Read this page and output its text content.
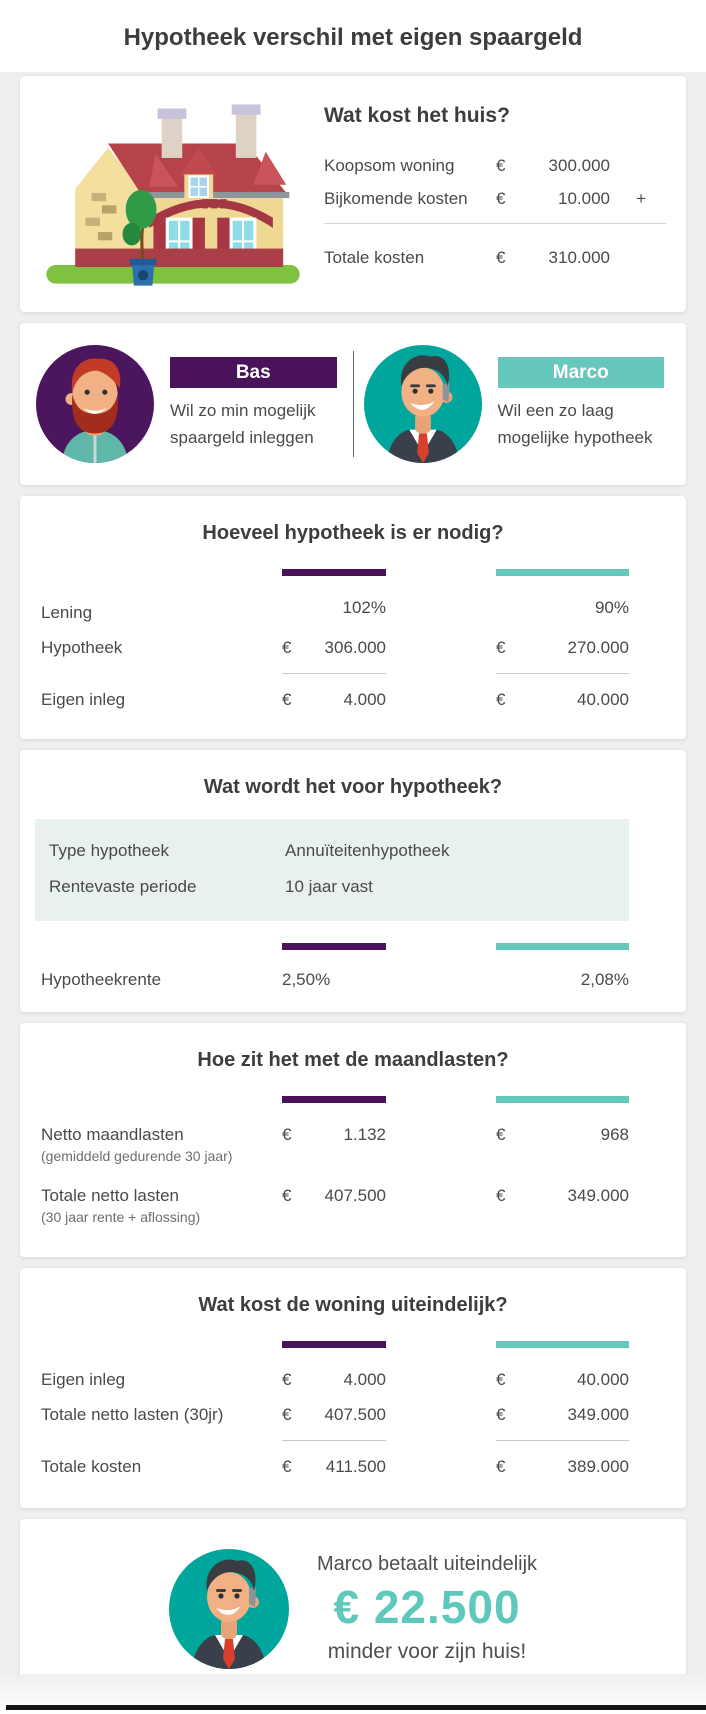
Hypotheek verschil met eigen spaargeld
Wat kost het huis?
Koopsom woning	€	300.000
Bijkomende kosten	€	10.000	+
Totale kosten	€	310.000
Bas
Wil zo min mogelijk spaargeld inleggen
Marco
Wil een zo laag mogelijke hypotheek
Hoeveel hypotheek is er nodig?
Lening	102%	90%
Hypotheek	€ 306.000	€	270.000
Eigen inleg	€	4.000	€	40.000
Wat wordt het voor hypotheek?
Type hypotheek	Annuïteitenhypotheek
Rentevaste periode	10 jaar vast
Hypotheekrente	2,50%	2,08%
Hoe zit het met de maandlasten?
Netto maandlasten
(gemiddeld gedurende 30 jaar)
€	1.132	€	968
Totale netto lasten
(30 jaar rente + aflossing)
€ 407.500	€	349.000
Wat kost de woning uiteindelijk?
Eigen inleg	€	4.000	€	40.000
Totale netto lasten (30jr)	€ 407.500	€	349.000
Totale kosten	€ 411.500	€	389.000
Marco betaalt uiteindelijk
€ 22.500
minder voor zijn huis!
